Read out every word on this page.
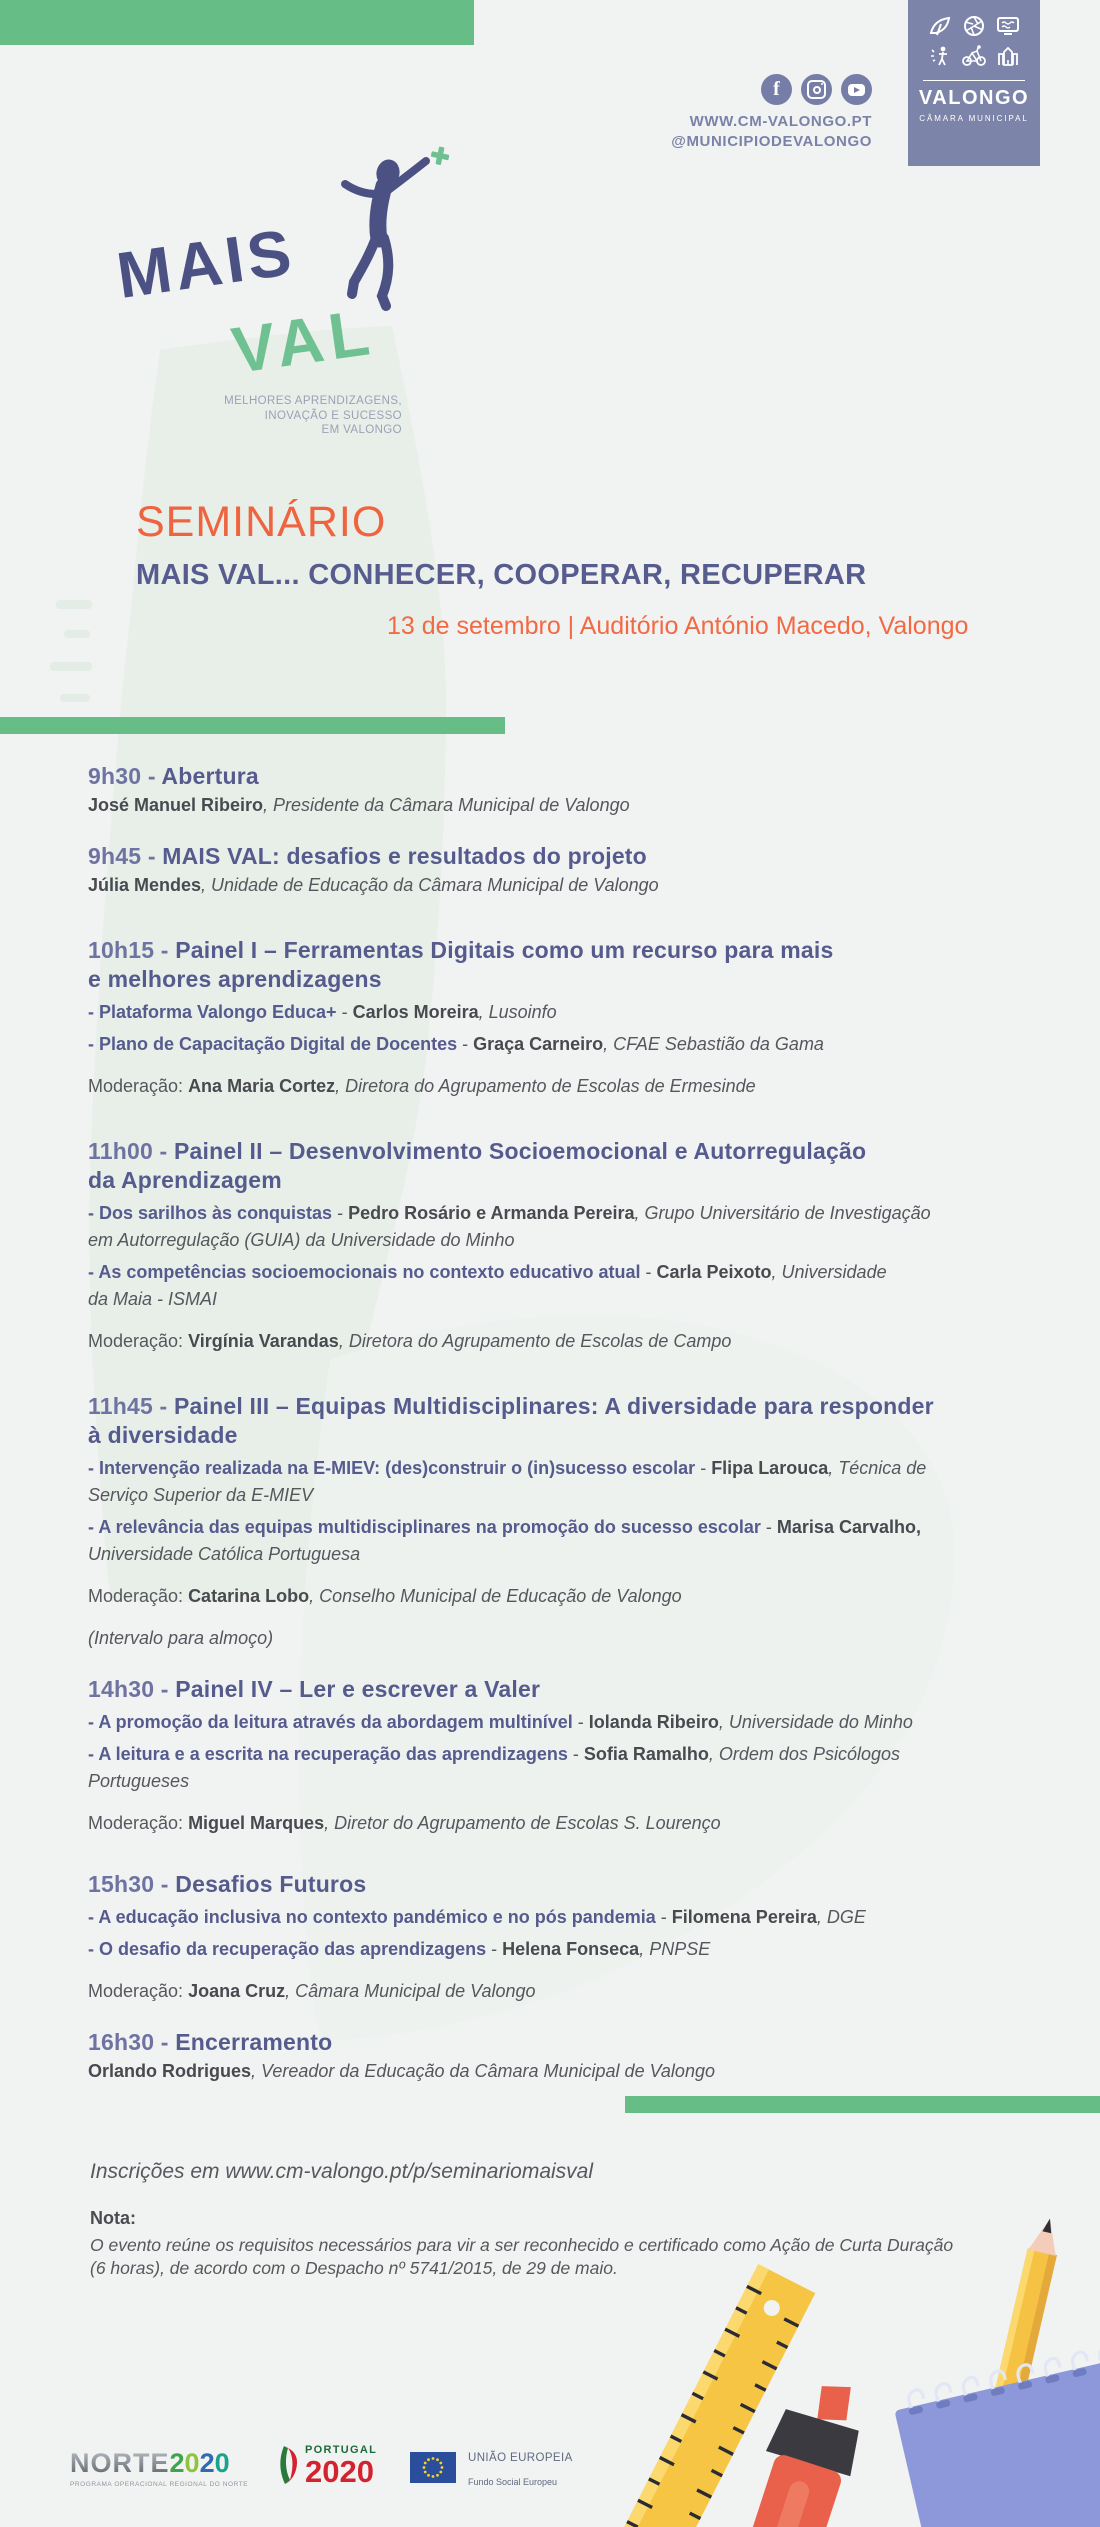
VALONGO
CÂMARA MUNICIPAL
f
WWW.CM-VALONGO.PT
@MUNICIPIODEVALONGO
MAIS
VAL
MELHORES APRENDIZAGENS,
INOVAÇÃO E SUCESSO
EM VALONGO
SEMINÁRIO
MAIS VAL... CONHECER, COOPERAR, RECUPERAR
13 de setembro | Auditório António Macedo, Valongo
9h30 - Abertura
José Manuel Ribeiro, Presidente da Câmara Municipal de Valongo
9h45 - MAIS VAL: desafios e resultados do projeto
Júlia Mendes, Unidade de Educação da Câmara Municipal de Valongo
10h15 - Painel I – Ferramentas Digitais como um recurso para mais
e melhores aprendizagens
- Plataforma Valongo Educa+ - Carlos Moreira, Lusoinfo
- Plano de Capacitação Digital de Docentes - Graça Carneiro, CFAE Sebastião da Gama
Moderação: Ana Maria Cortez, Diretora do Agrupamento de Escolas de Ermesinde
11h00 - Painel II – Desenvolvimento Socioemocional e Autorregulação
da Aprendizagem
- Dos sarilhos às conquistas - Pedro Rosário e Armanda Pereira, Grupo Universitário de Investigação
em Autorregulação (GUIA) da Universidade do Minho
- As competências socioemocionais no contexto educativo atual - Carla Peixoto, Universidade
da Maia - ISMAI
Moderação: Virgínia Varandas, Diretora do Agrupamento de Escolas de Campo
11h45 - Painel III – Equipas Multidisciplinares: A diversidade para responder
à diversidade
- Intervenção realizada na E-MIEV: (des)construir o (in)sucesso escolar - Flipa Larouca, Técnica de
Serviço Superior da E-MIEV
- A relevância das equipas multidisciplinares na promoção do sucesso escolar - Marisa Carvalho,
Universidade Católica Portuguesa
Moderação: Catarina Lobo, Conselho Municipal de Educação de Valongo
(Intervalo para almoço)
14h30 - Painel IV – Ler e escrever a Valer
- A promoção da leitura através da abordagem multinível - Iolanda Ribeiro, Universidade do Minho
- A leitura e a escrita na recuperação das aprendizagens - Sofia Ramalho, Ordem dos Psicólogos
Portugueses
Moderação: Miguel Marques, Diretor do Agrupamento de Escolas S. Lourenço
15h30 - Desafios Futuros
- A educação inclusiva no contexto pandémico e no pós pandemia - Filomena Pereira, DGE
- O desafio da recuperação das aprendizagens - Helena Fonseca, PNPSE
Moderação: Joana Cruz, Câmara Municipal de Valongo
16h30 - Encerramento
Orlando Rodrigues, Vereador da Educação da Câmara Municipal de Valongo
Inscrições em www.cm-valongo.pt/p/seminariomaisval
Nota:
O evento reúne os requisitos necessários para vir a ser reconhecido e certificado como Ação de Curta Duração
(6 horas), de acordo com o Despacho nº 5741/2015, de 29 de maio.
NORTE 2020
PROGRAMA OPERACIONAL REGIONAL DO NORTE
PORTUGAL
2020	UNIÃO EUROPEIA
Fundo Social Europeu
